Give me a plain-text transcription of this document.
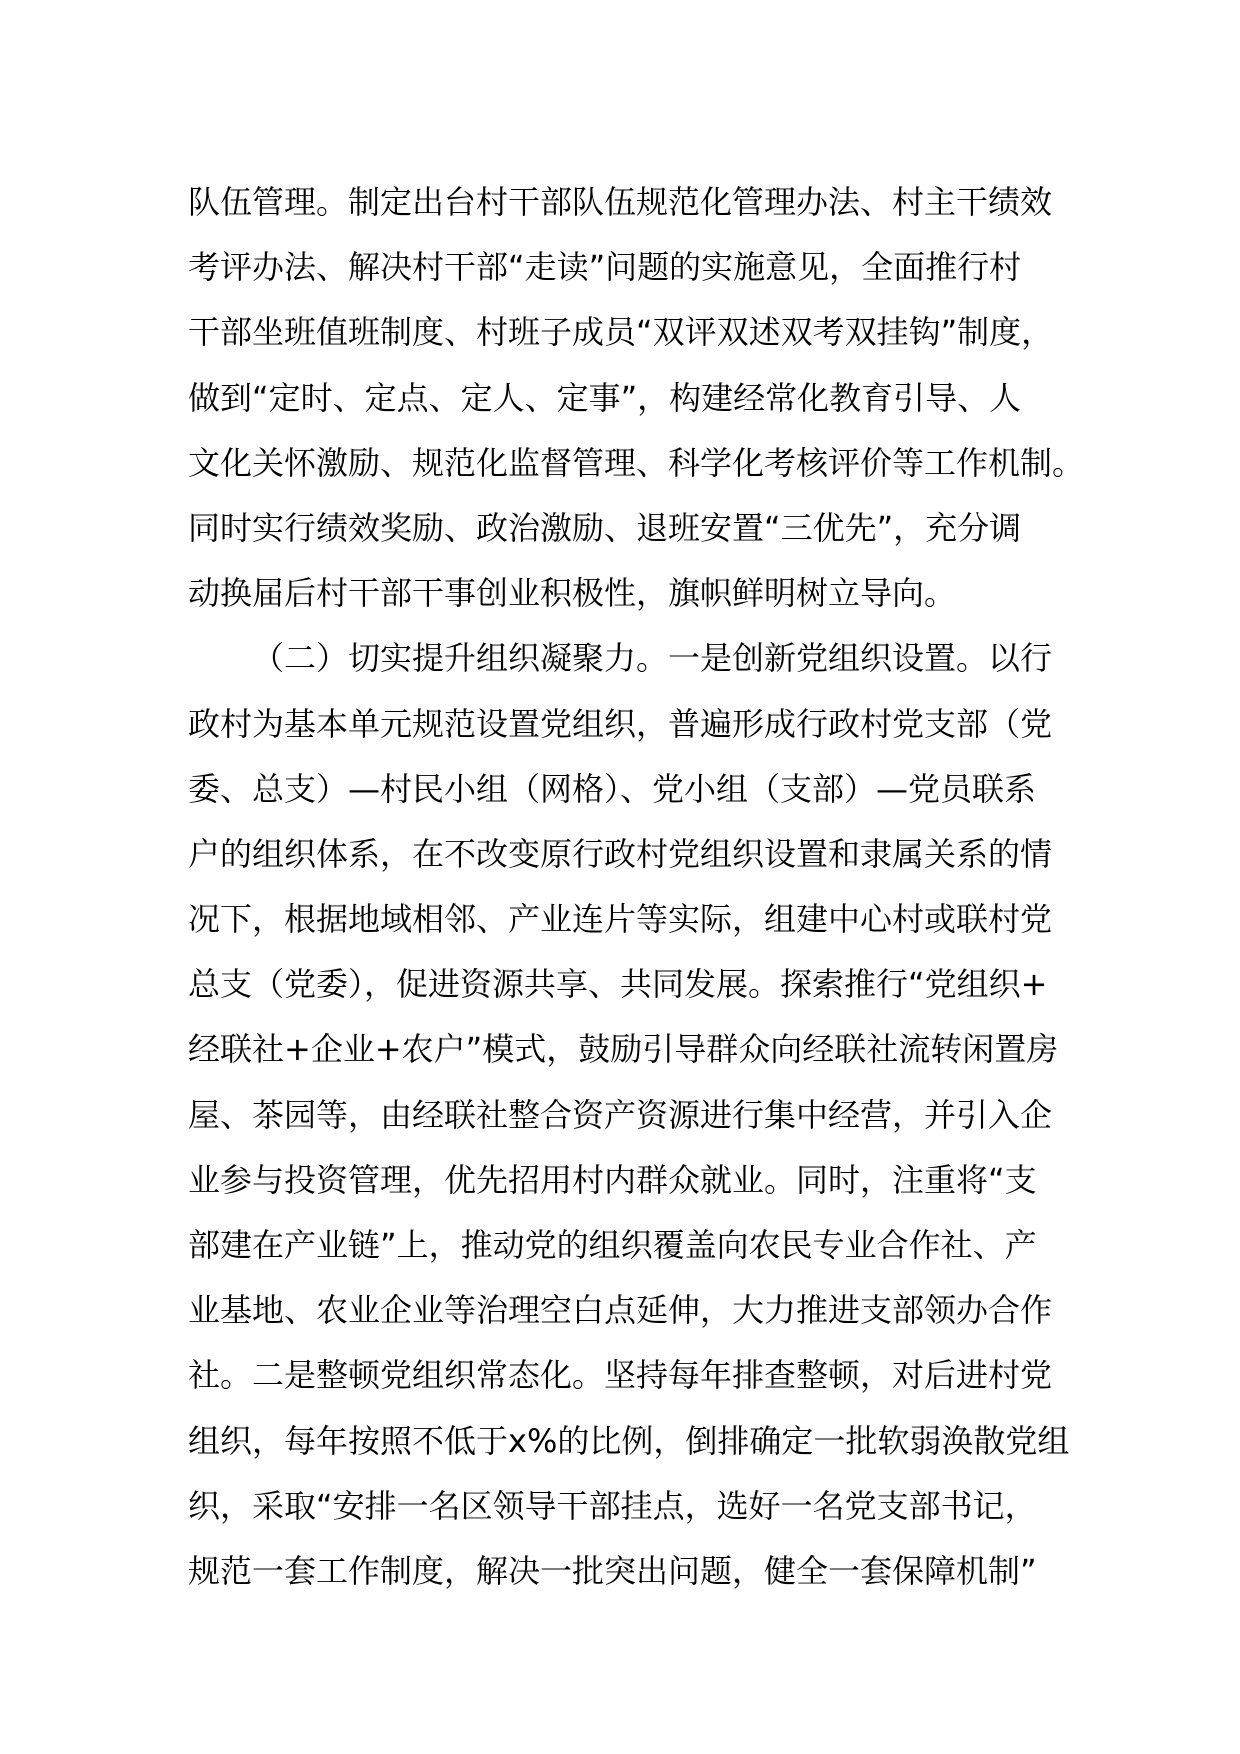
队伍管理。制定出台村干部队伍规范化管理办法、村主干绩效
考评办法、解决村干部“走读”问题的实施意见，全面推行村
干部坐班值班制度、村班子成员“双评双述双考双挂钩”制度，
做到“定时、定点、定人、定事”，构建经常化教育引导、人
文化关怀激励、规范化监督管理、科学化考核评价等工作机制。
同时实行绩效奖励、政治激励、退班安置“三优先”，充分调
动换届后村干部干事创业积极性，旗帜鲜明树立导向。
（二）切实提升组织凝聚力。一是创新党组织设置。以行
政村为基本单元规范设置党组织，普遍形成行政村党支部（党
委、总支）—村民小组（网格）、党小组（支部）—党员联系
户的组织体系，在不改变原行政村党组织设置和隶属关系的情
况下，根据地域相邻、产业连片等实际，组建中心村或联村党
总支（党委），促进资源共享、共同发展。探索推行“党组织+
经联社+企业+农户”模式，鼓励引导群众向经联社流转闲置房
屋、茶园等，由经联社整合资产资源进行集中经营，并引入企
业参与投资管理，优先招用村内群众就业。同时，注重将“支
部建在产业链”上，推动党的组织覆盖向农民专业合作社、产
业基地、农业企业等治理空白点延伸，大力推进支部领办合作
社。二是整顿党组织常态化。坚持每年排查整顿，对后进村党
组织，每年按照不低于x%的比例，倒排确定一批软弱涣散党组
织，采取“安排一名区领导干部挂点，选好一名党支部书记，
规范一套工作制度，解决一批突出问题，健全一套保障机制”
